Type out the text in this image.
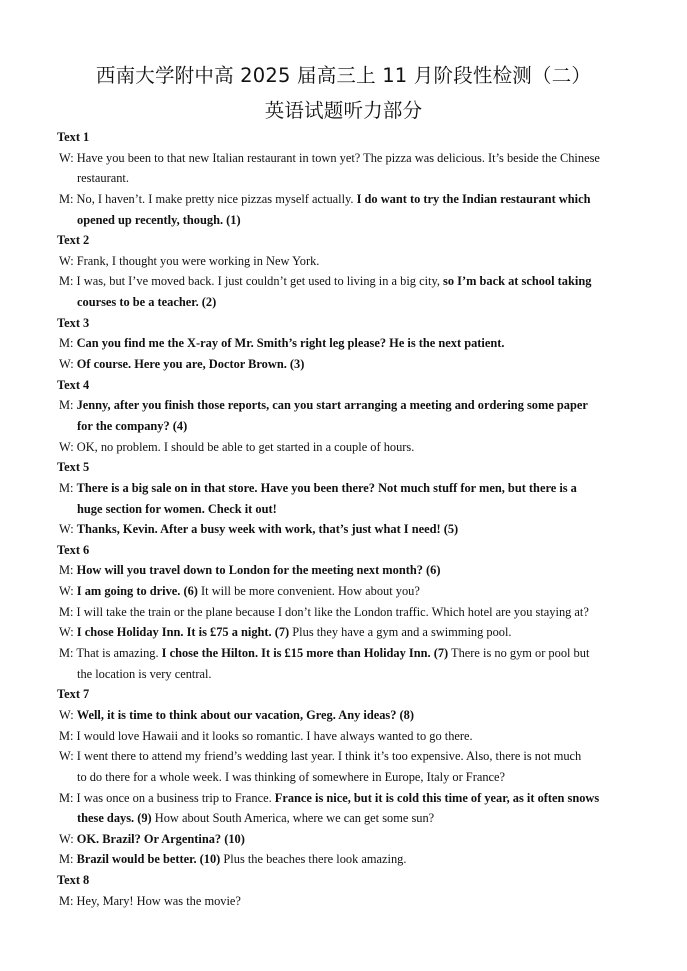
西南大学附中高 2025 届高三上 11 月阶段性检测（二）
英语试题听力部分
Text 1
W: Have you been to that new Italian restaurant in town yet? The pizza was delicious. It’s beside the Chinese
restaurant.
M: No, I haven’t. I make pretty nice pizzas myself actually. I do want to try the Indian restaurant which
opened up recently, though. (1)
Text 2
W: Frank, I thought you were working in New York.
M: I was, but I’ve moved back. I just couldn’t get used to living in a big city, so I’m back at school taking
courses to be a teacher. (2)
Text 3
M: Can you find me the X-ray of Mr. Smith’s right leg please? He is the next patient.
W: Of course. Here you are, Doctor Brown. (3)
Text 4
M: Jenny, after you finish those reports, can you start arranging a meeting and ordering some paper
for the company? (4)
W: OK, no problem. I should be able to get started in a couple of hours.
Text 5
M: There is a big sale on in that store. Have you been there? Not much stuff for men, but there is a
huge section for women. Check it out!
W: Thanks, Kevin. After a busy week with work, that’s just what I need! (5)
Text 6
M: How will you travel down to London for the meeting next month? (6)
W: I am going to drive. (6) It will be more convenient. How about you?
M: I will take the train or the plane because I don’t like the London traffic. Which hotel are you staying at?
W: I chose Holiday Inn. It is £75 a night. (7) Plus they have a gym and a swimming pool.
M: That is amazing. I chose the Hilton. It is £15 more than Holiday Inn. (7) There is no gym or pool but
the location is very central.
Text 7
W: Well, it is time to think about our vacation, Greg. Any ideas? (8)
M: I would love Hawaii and it looks so romantic. I have always wanted to go there.
W: I went there to attend my friend’s wedding last year. I think it’s too expensive. Also, there is not much
to do there for a whole week. I was thinking of somewhere in Europe, Italy or France?
M: I was once on a business trip to France. France is nice, but it is cold this time of year, as it often snows
these days. (9) How about South America, where we can get some sun?
W: OK. Brazil? Or Argentina? (10)
M: Brazil would be better. (10) Plus the beaches there look amazing.
Text 8
M: Hey, Mary! How was the movie?
